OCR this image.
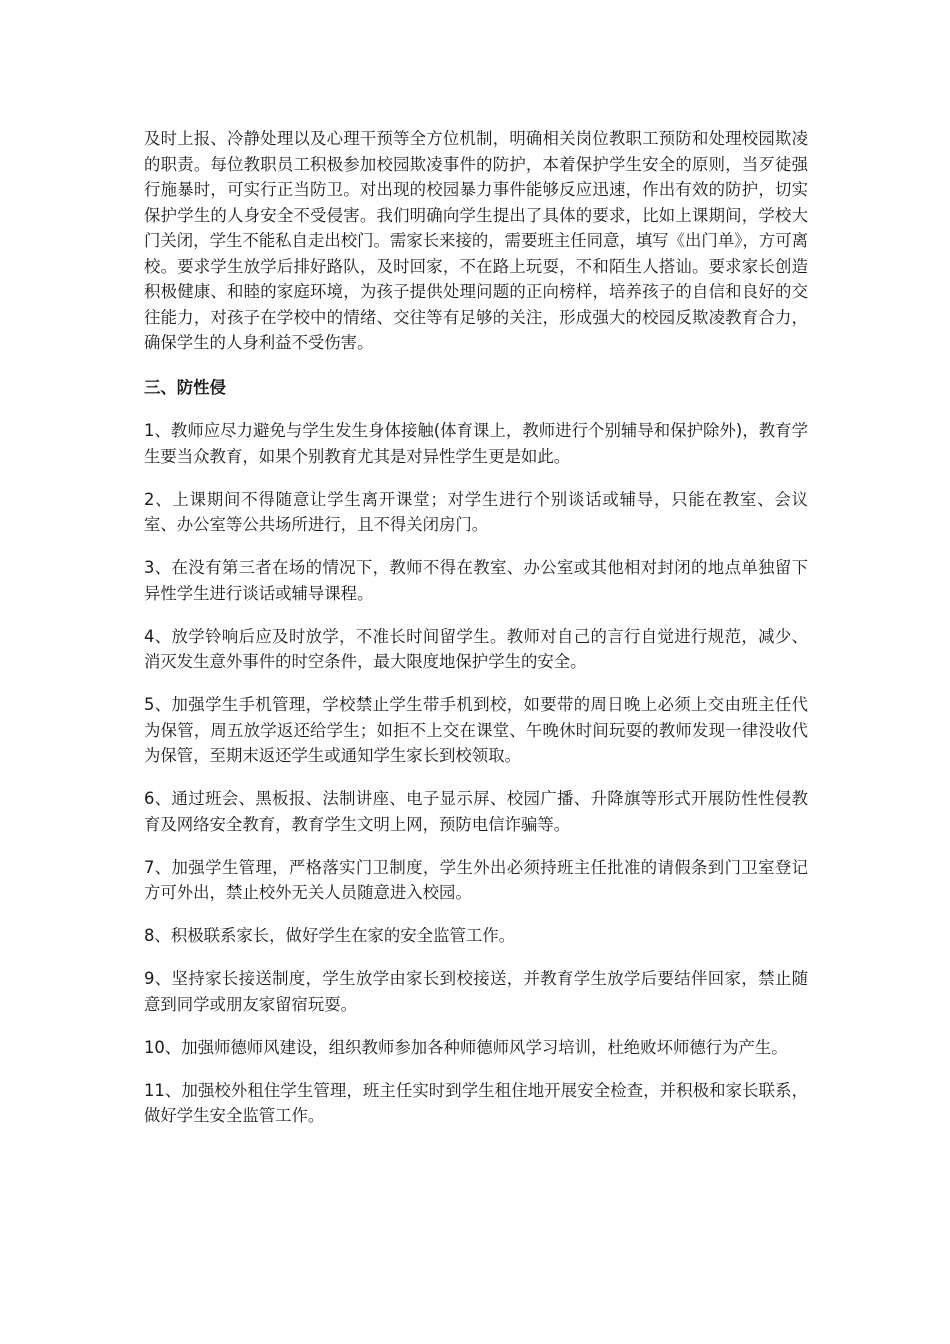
及时上报、冷静处理以及心理干预等全方位机制，明确相关岗位教职工预防和处理校园欺凌的职责。每位教职员工积极参加校园欺凌事件的防护，本着保护学生安全的原则，当歹徒强行施暴时，可实行正当防卫。对出现的校园暴力事件能够反应迅速，作出有效的防护，切实保护学生的人身安全不受侵害。我们明确向学生提出了具体的要求，比如上课期间，学校大门关闭，学生不能私自走出校门。需家长来接的，需要班主任同意，填写《出门单》，方可离校。要求学生放学后排好路队，及时回家，不在路上玩耍，不和陌生人搭讪。要求家长创造积极健康、和睦的家庭环境，为孩子提供处理问题的正向榜样，培养孩子的自信和良好的交往能力，对孩子在学校中的情绪、交往等有足够的关注，形成强大的校园反欺凌教育合力，确保学生的人身利益不受伤害。

三、防性侵

1、教师应尽力避免与学生发生身体接触(体育课上，教师进行个别辅导和保护除外)，教育学生要当众教育，如果个别教育尤其是对异性学生更是如此。

2、上课期间不得随意让学生离开课堂；对学生进行个别谈话或辅导，只能在教室、会议室、办公室等公共场所进行，且不得关闭房门。

3、在没有第三者在场的情况下，教师不得在教室、办公室或其他相对封闭的地点单独留下异性学生进行谈话或辅导课程。

4、放学铃响后应及时放学，不准长时间留学生。教师对自己的言行自觉进行规范，减少、消灭发生意外事件的时空条件，最大限度地保护学生的安全。

5、加强学生手机管理，学校禁止学生带手机到校，如要带的周日晚上必须上交由班主任代为保管，周五放学返还给学生；如拒不上交在课堂、午晚休时间玩耍的教师发现一律没收代为保管，至期末返还学生或通知学生家长到校领取。

6、通过班会、黑板报、法制讲座、电子显示屏、校园广播、升降旗等形式开展防性性侵教育及网络安全教育，教育学生文明上网，预防电信诈骗等。

7、加强学生管理，严格落实门卫制度，学生外出必须持班主任批准的请假条到门卫室登记方可外出，禁止校外无关人员随意进入校园。

8、积极联系家长，做好学生在家的安全监管工作。

9、坚持家长接送制度，学生放学由家长到校接送，并教育学生放学后要结伴回家，禁止随意到同学或朋友家留宿玩耍。

10、加强师德师风建设，组织教师参加各种师德师风学习培训，杜绝败坏师德行为产生。

11、加强校外租住学生管理，班主任实时到学生租住地开展安全检查，并积极和家长联系，做好学生安全监管工作。
